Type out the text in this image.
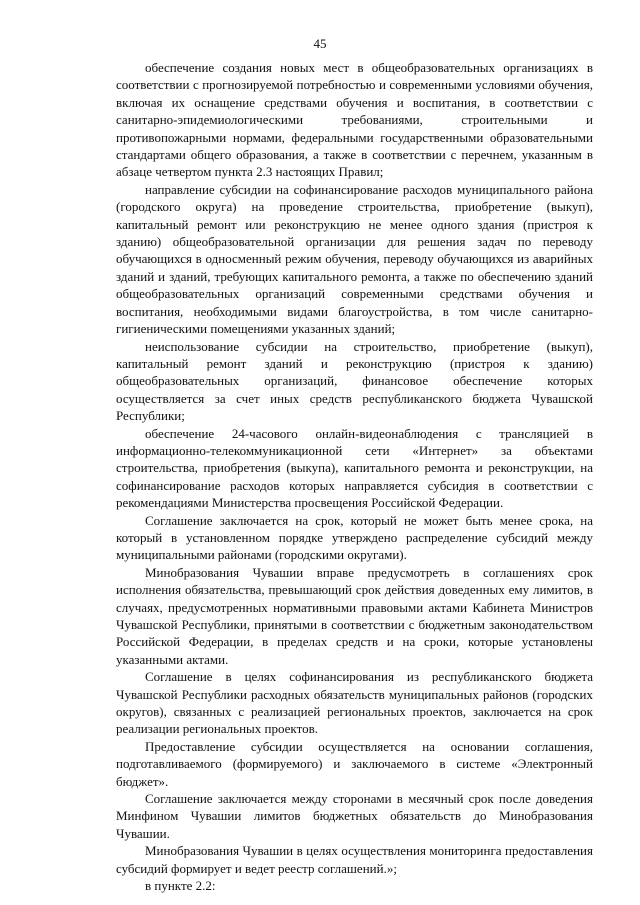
45

обеспечение создания новых мест в общеобразовательных организациях в соответствии с прогнозируемой потребностью и современными условиями обучения, включая их оснащение средствами обучения и воспитания, в соответствии с санитарно-эпидемиологическими требованиями, строительными и противопожарными нормами, федеральными государственными образовательными стандартами общего образования, а также в соответствии с перечнем, указанным в абзаце четвертом пункта 2.3 настоящих Правил;

направление субсидии на софинансирование расходов муниципального района (городского округа) на проведение строительства, приобретение (выкуп), капитальный ремонт или реконструкцию не менее одного здания (пристроя к зданию) общеобразовательной организации для решения задач по переводу обучающихся в односменный режим обучения, переводу обучающихся из аварийных зданий и зданий, требующих капитального ремонта, а также по обеспечению зданий общеобразовательных организаций современными средствами обучения и воспитания, необходимыми видами благоустройства, в том числе санитарно-гигиеническими помещениями указанных зданий;

неиспользование субсидии на строительство, приобретение (выкуп), капитальный ремонт зданий и реконструкцию (пристроя к зданию) общеобразовательных организаций, финансовое обеспечение которых осуществляется за счет иных средств республиканского бюджета Чувашской Республики;

обеспечение 24-часового онлайн-видеонаблюдения с трансляцией в информационно-телекоммуникационной сети «Интернет» за объектами строительства, приобретения (выкупа), капитального ремонта и реконструкции, на софинансирование расходов которых направляется субсидия в соответствии с рекомендациями Министерства просвещения Российской Федерации.

Соглашение заключается на срок, который не может быть менее срока, на который в установленном порядке утверждено распределение субсидий между муниципальными районами (городскими округами).

Минобразования Чувашии вправе предусмотреть в соглашениях срок исполнения обязательства, превышающий срок действия доведенных ему лимитов, в случаях, предусмотренных нормативными правовыми актами Кабинета Министров Чувашской Республики, принятыми в соответствии с бюджетным законодательством Российской Федерации, в пределах средств и на сроки, которые установлены указанными актами.

Соглашение в целях софинансирования из республиканского бюджета Чувашской Республики расходных обязательств муниципальных районов (городских округов), связанных с реализацией региональных проектов, заключается на срок реализации региональных проектов.

Предоставление субсидии осуществляется на основании соглашения, подготавливаемого (формируемого) и заключаемого в системе «Электронный бюджет».

Соглашение заключается между сторонами в месячный срок после доведения Минфином Чувашии лимитов бюджетных обязательств до Минобразования Чувашии.

Минобразования Чувашии в целях осуществления мониторинга предоставления субсидий формирует и ведет реестр соглашений.»;

в пункте 2.2:
